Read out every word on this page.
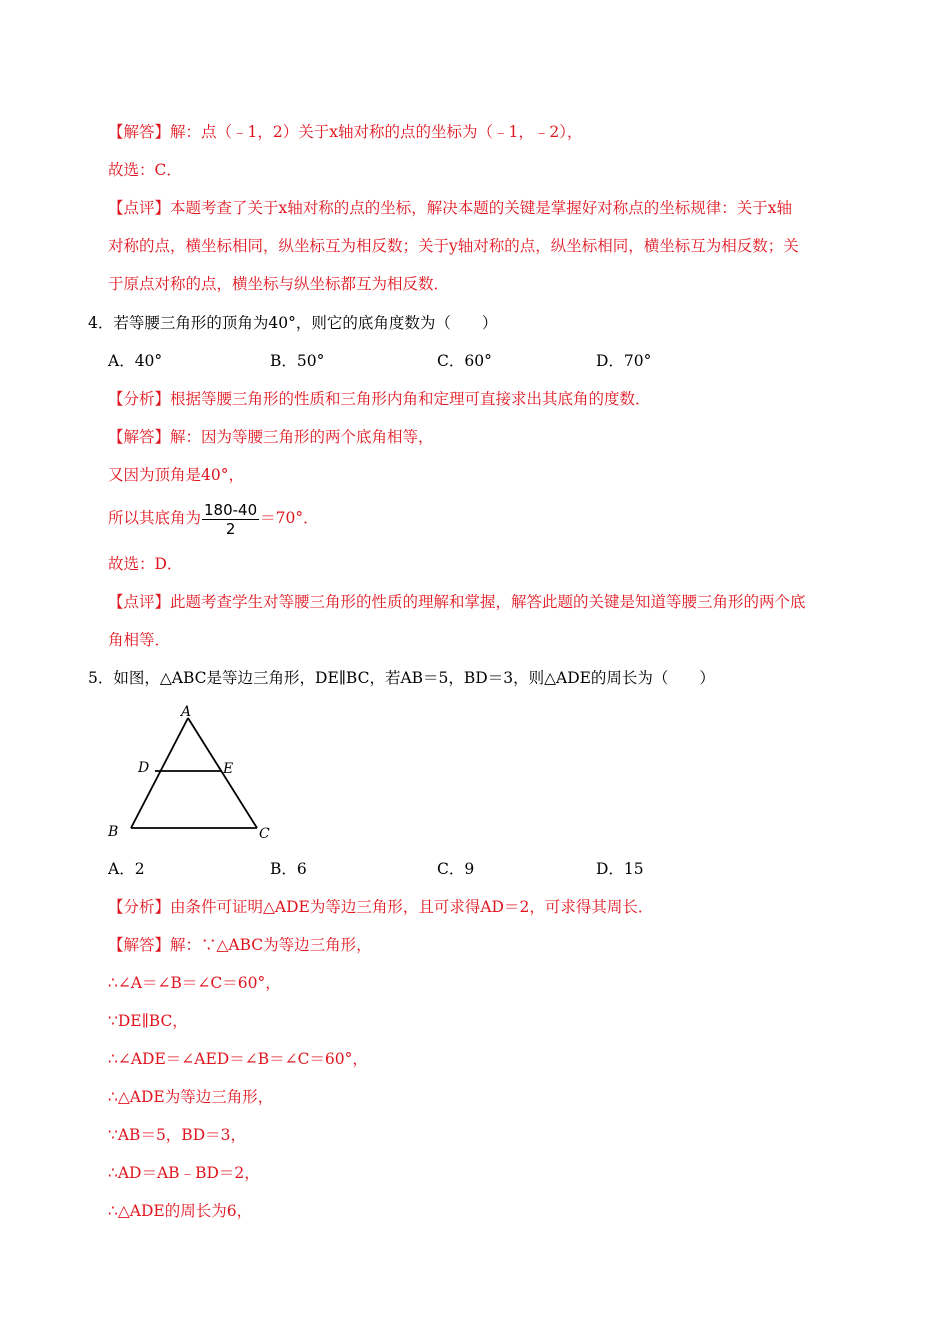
【解答】解：点（﹣1，2）关于x轴对称的点的坐标为（﹣1，﹣2），
故选：C．
【点评】本题考查了关于x轴对称的点的坐标，解决本题的关键是掌握好对称点的坐标规律：关于x轴
对称的点，横坐标相同，纵坐标互为相反数；关于y轴对称的点，纵坐标相同，横坐标互为相反数；关
于原点对称的点，横坐标与纵坐标都互为相反数．
4．若等腰三角形的顶角为40°，则它的底角度数为（　　）
A．40°	B．50°	C．60°	D．70°
【分析】根据等腰三角形的性质和三角形内角和定理可直接求出其底角的度数．
【解答】解：因为等腰三角形的两个底角相等，
又因为顶角是40°，
所以其底角为 $\frac{180-40}{2} =70^\circ$．
故选：D．
【点评】此题考查学生对等腰三角形的性质的理解和掌握，解答此题的关键是知道等腰三角形的两个底
角相等．
5．如图，△ABC是等边三角形，DE∥BC，若AB＝5，BD＝3，则△ADE的周长为（　　）
A
D	E
B	C
A．2	B．6	C．9	D．15
【分析】由条件可证明△ADE为等边三角形，且可求得AD＝2，可求得其周长．
【解答】解：∵△ABC为等边三角形，
∴∠A＝∠B＝∠C＝60°，
∵DE∥BC，
∴∠ADE＝∠AED＝∠B＝∠C＝60°，
∴△ADE为等边三角形，
∵AB＝5，BD＝3，
∴AD＝AB﹣BD＝2，
∴△ADE的周长为6，
